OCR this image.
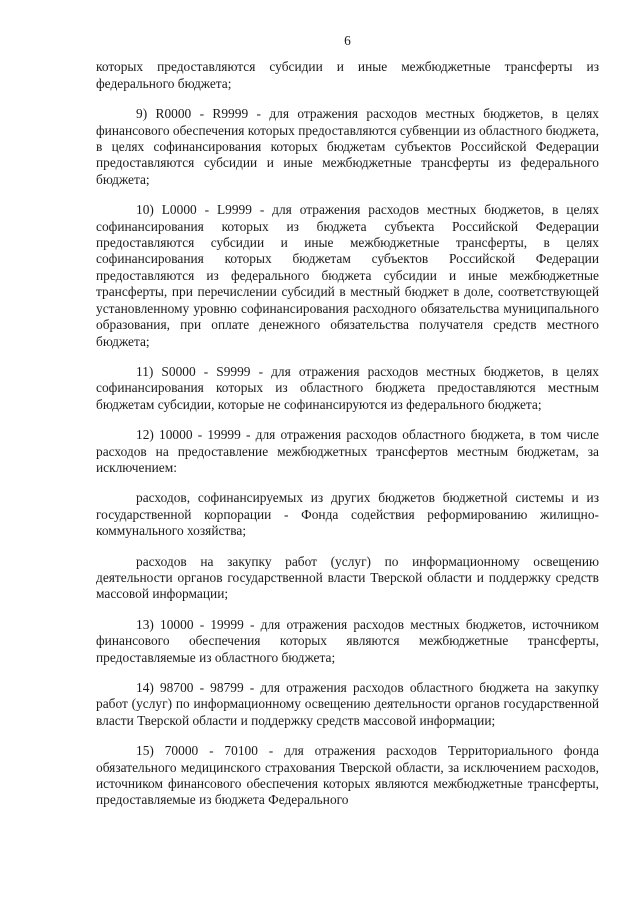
6

которых предоставляются субсидии и иные межбюджетные трансферты из федерального бюджета;

9) R0000 - R9999 - для отражения расходов местных бюджетов, в целях финансового обеспечения которых предоставляются субвенции из областного бюджета, в целях софинансирования которых бюджетам субъектов Российской Федерации предоставляются субсидии и иные межбюджетные трансферты из федерального бюджета;

10) L0000 - L9999 - для отражения расходов местных бюджетов, в целях софинансирования которых из бюджета субъекта Российской Федерации предоставляются субсидии и иные межбюджетные трансферты, в целях софинансирования которых бюджетам субъектов Российской Федерации предоставляются из федерального бюджета субсидии и иные межбюджетные трансферты, при перечислении субсидий в местный бюджет в доле, соответствующей установленному уровню софинансирования расходного обязательства муниципального образования, при оплате денежного обязательства получателя средств местного бюджета;

11) S0000 - S9999 - для отражения расходов местных бюджетов, в целях софинансирования которых из областного бюджета предоставляются местным бюджетам субсидии, которые не софинансируются из федерального бюджета;

12) 10000 - 19999 - для отражения расходов областного бюджета, в том числе расходов на предоставление межбюджетных трансфертов местным бюджетам, за исключением:

расходов, софинансируемых из других бюджетов бюджетной системы и из государственной корпорации - Фонда содействия реформированию жилищно-коммунального хозяйства;

расходов на закупку работ (услуг) по информационному освещению деятельности органов государственной власти Тверской области и поддержку средств массовой информации;

13) 10000 - 19999 - для отражения расходов местных бюджетов, источником финансового обеспечения которых являются межбюджетные трансферты, предоставляемые из областного бюджета;

14) 98700 - 98799 - для отражения расходов областного бюджета на закупку работ (услуг) по информационному освещению деятельности органов государственной власти Тверской области и поддержку средств массовой информации;

15) 70000 - 70100 - для отражения расходов Территориального фонда обязательного медицинского страхования Тверской области, за исключением расходов, источником финансового обеспечения которых являются межбюджетные трансферты, предоставляемые из бюджета Федерального
